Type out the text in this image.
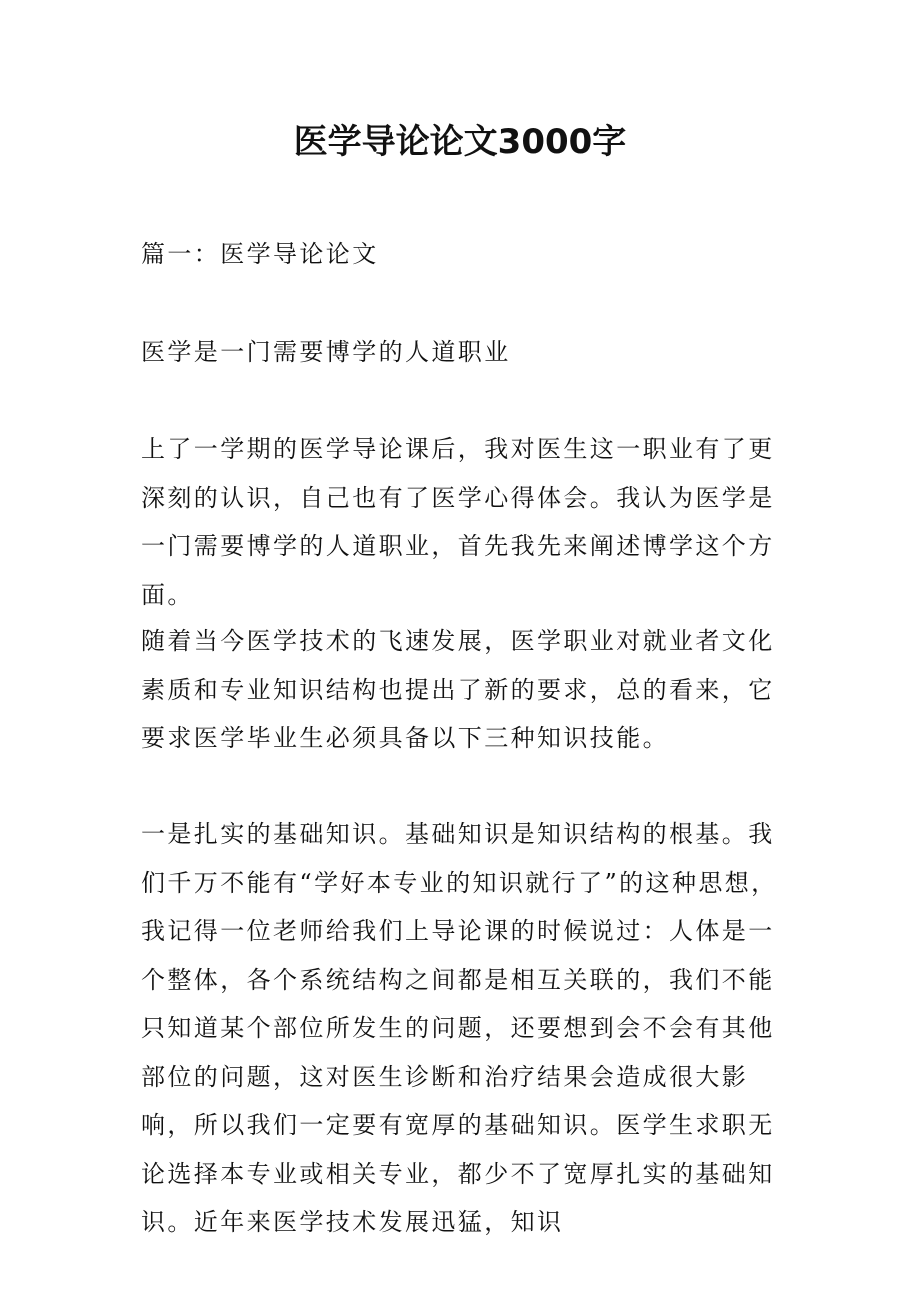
医学导论论文3000字

篇一：医学导论论文

医学是一门需要博学的人道职业

上了一学期的医学导论课后，我对医生这一职业有了更深刻的认识，自己也有了医学心得体会。我认为医学是一门需要博学的人道职业，首先我先来阐述博学这个方面。

随着当今医学技术的飞速发展，医学职业对就业者文化素质和专业知识结构也提出了新的要求，总的看来，它要求医学毕业生必须具备以下三种知识技能。

一是扎实的基础知识。基础知识是知识结构的根基。我们千万不能有“学好本专业的知识就行了”的这种思想，我记得一位老师给我们上导论课的时候说过：人体是一个整体，各个系统结构之间都是相互关联的，我们不能只知道某个部位所发生的问题，还要想到会不会有其他部位的问题，这对医生诊断和治疗结果会造成很大影响，所以我们一定要有宽厚的基础知识。医学生求职无论选择本专业或相关专业，都少不了宽厚扎实的基础知识。近年来医学技术发展迅猛，知识
